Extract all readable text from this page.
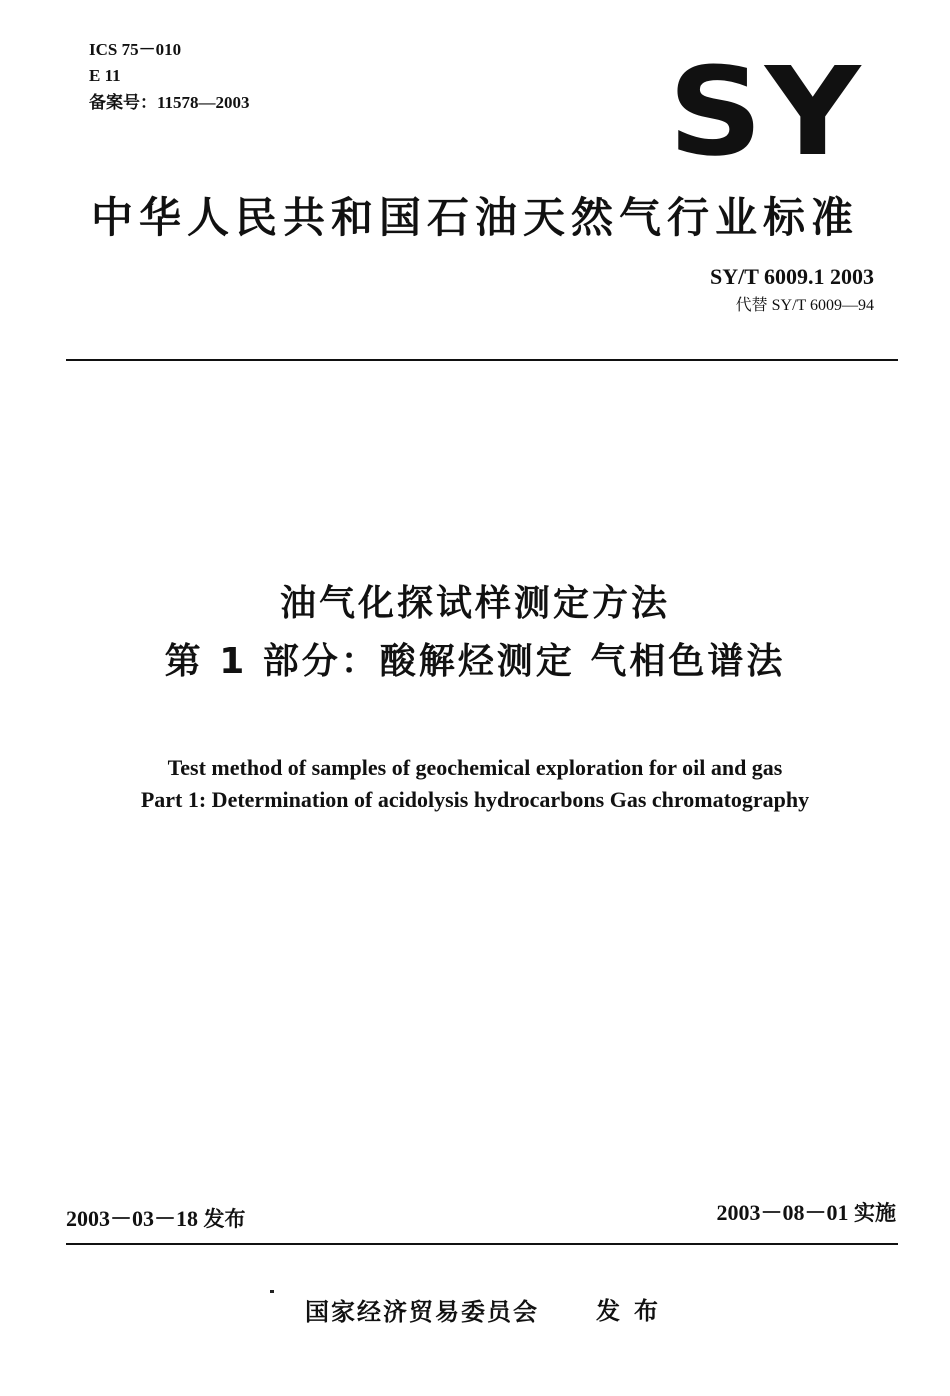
ICS 75－010
E 11
备案号：11578—2003	SY
中华人民共和国石油天然气行业标准
SY/T 6009.1 2003
代替 SY/T 6009—94
油气化探试样测定方法
第 1 部分：酸解烃测定 气相色谱法
Test method of samples of geochemical exploration for oil and gas
Part 1: Determination of acidolysis hydrocarbons Gas chromatography
2003－03－18 发布	2003－08－01 实施
国家经济贸易委员会 发布
